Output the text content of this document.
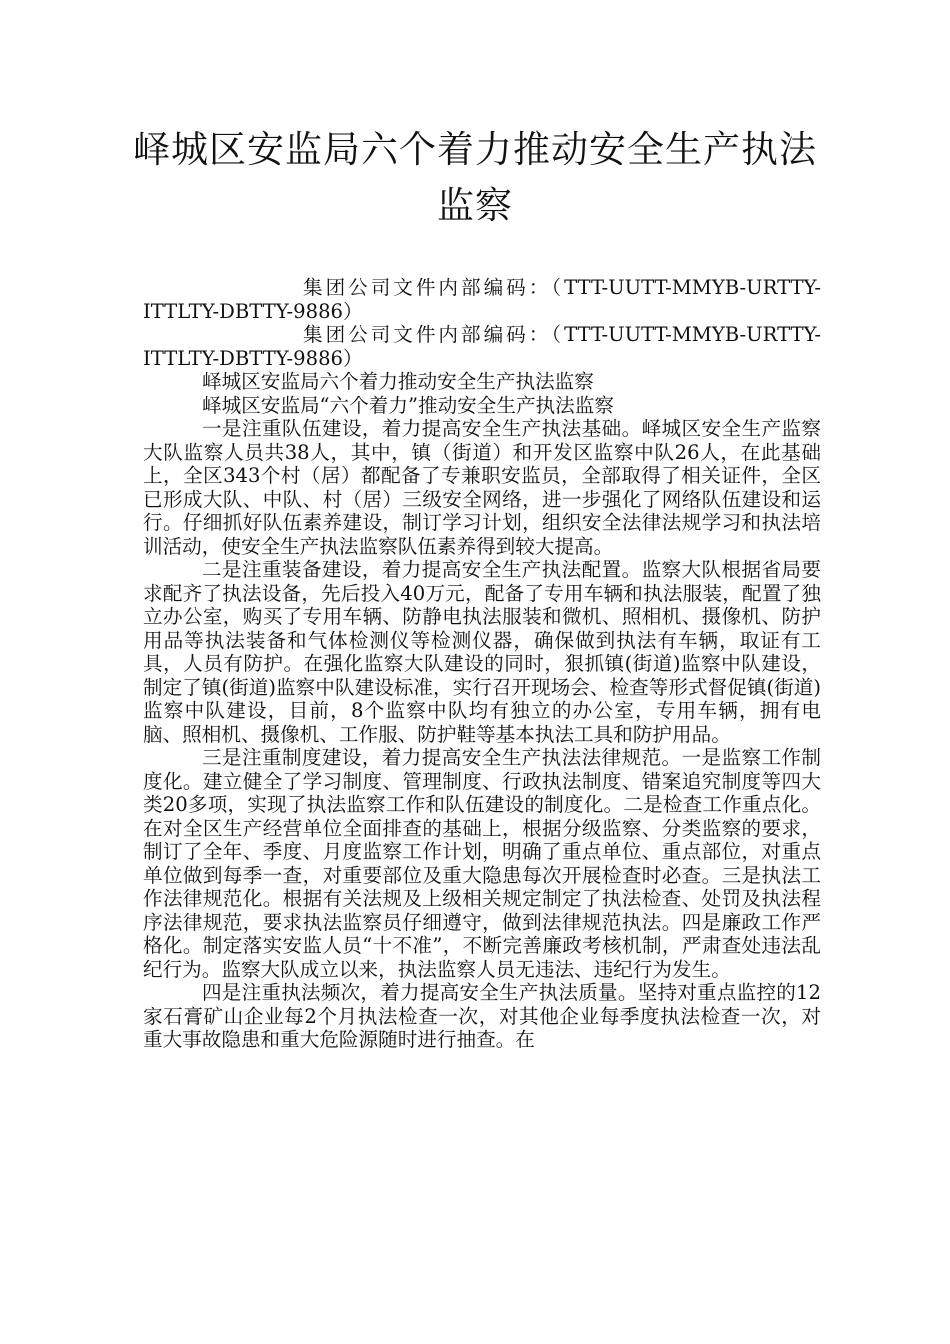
峄城区安监局六个着力推动安全生产执法监察

集团公司文件内部编码：（TTT-UUTT-MMYB-URTTY-ITTLTY-DBTTY-9886）

集团公司文件内部编码：（TTT-UUTT-MMYB-URTTY-ITTLTY-DBTTY-9886）

峄城区安监局六个着力推动安全生产执法监察

峄城区安监局“六个着力”推动安全生产执法监察

一是注重队伍建设，着力提高安全生产执法基础。峄城区安全生产监察大队监察人员共38人，其中，镇（街道）和开发区监察中队26人，在此基础上，全区343个村（居）都配备了专兼职安监员，全部取得了相关证件，全区已形成大队、中队、村（居）三级安全网络，进一步强化了网络队伍建设和运行。仔细抓好队伍素养建设，制订学习计划，组织安全法律法规学习和执法培训活动，使安全生产执法监察队伍素养得到较大提高。

二是注重装备建设，着力提高安全生产执法配置。监察大队根据省局要求配齐了执法设备，先后投入40万元，配备了专用车辆和执法服装，配置了独立办公室，购买了专用车辆、防静电执法服装和微机、照相机、摄像机、防护用品等执法装备和气体检测仪等检测仪器，确保做到执法有车辆，取证有工具，人员有防护。在强化监察大队建设的同时，狠抓镇(街道)监察中队建设，制定了镇(街道)监察中队建设标准，实行召开现场会、检查等形式督促镇(街道)监察中队建设，目前，8个监察中队均有独立的办公室，专用车辆，拥有电脑、照相机、摄像机、工作服、防护鞋等基本执法工具和防护用品。

三是注重制度建设，着力提高安全生产执法法律规范。一是监察工作制度化。建立健全了学习制度、管理制度、行政执法制度、错案追究制度等四大类20多项，实现了执法监察工作和队伍建设的制度化。二是检查工作重点化。在对全区生产经营单位全面排查的基础上，根据分级监察、分类监察的要求，制订了全年、季度、月度监察工作计划，明确了重点单位、重点部位，对重点单位做到每季一查，对重要部位及重大隐患每次开展检查时必查。三是执法工作法律规范化。根据有关法规及上级相关规定制定了执法检查、处罚及执法程序法律规范，要求执法监察员仔细遵守，做到法律规范执法。四是廉政工作严格化。制定落实安监人员“十不准”，不断完善廉政考核机制，严肃查处违法乱纪行为。监察大队成立以来，执法监察人员无违法、违纪行为发生。

四是注重执法频次，着力提高安全生产执法质量。坚持对重点监控的12家石膏矿山企业每2个月执法检查一次，对其他企业每季度执法检查一次，对重大事故隐患和重大危险源随时进行抽查。在
